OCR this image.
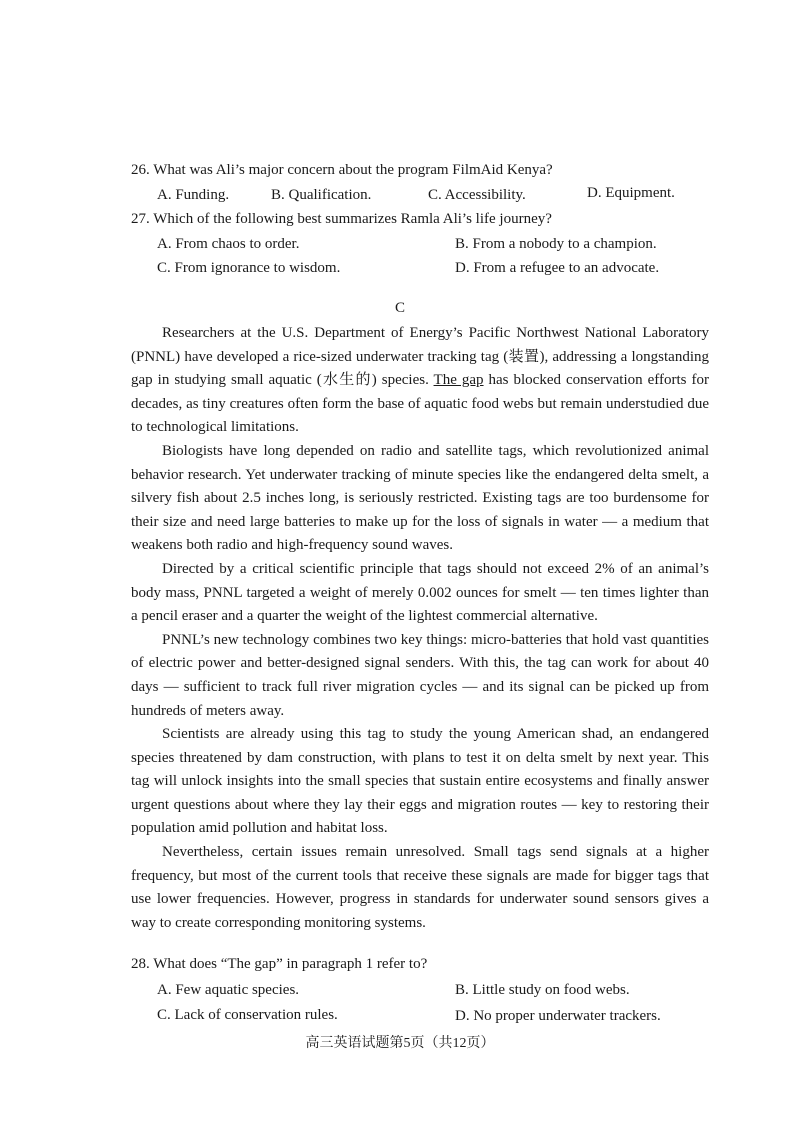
26. What was Ali’s major concern about the program FilmAid Kenya?
A. Funding.	B. Qualification.	C. Accessibility.	D. Equipment.
27. Which of the following best summarizes Ramla Ali’s life journey?
A. From chaos to order.	B. From a nobody to a champion.
C. From ignorance to wisdom.	D. From a refugee to an advocate.
C

Researchers at the U.S. Department of Energy’s Pacific Northwest National Laboratory (PNNL) have developed a rice-sized underwater tracking tag (装置), addressing a longstanding gap in studying small aquatic (水生的) species. The gap has blocked conservation efforts for decades, as tiny creatures often form the base of aquatic food webs but remain understudied due to technological limitations.

Biologists have long depended on radio and satellite tags, which revolutionized animal behavior research. Yet underwater tracking of minute species like the endangered delta smelt, a silvery fish about 2.5 inches long, is seriously restricted. Existing tags are too burdensome for their size and need large batteries to make up for the loss of signals in water — a medium that weakens both radio and high-frequency sound waves.

Directed by a critical scientific principle that tags should not exceed 2% of an animal’s body mass, PNNL targeted a weight of merely 0.002 ounces for smelt — ten times lighter than a pencil eraser and a quarter the weight of the lightest commercial alternative.

PNNL’s new technology combines two key things: micro-batteries that hold vast quantities of electric power and better-designed signal senders. With this, the tag can work for about 40 days — sufficient to track full river migration cycles — and its signal can be picked up from hundreds of meters away.

Scientists are already using this tag to study the young American shad, an endangered species threatened by dam construction, with plans to test it on delta smelt by next year. This tag will unlock insights into the small species that sustain entire ecosystems and finally answer urgent questions about where they lay their eggs and migration routes — key to restoring their population amid pollution and habitat loss.

Nevertheless, certain issues remain unresolved. Small tags send signals at a higher frequency, but most of the current tools that receive these signals are made for bigger tags that use lower frequencies. However, progress in standards for underwater sound sensors gives a way to create corresponding monitoring systems.

28. What does “The gap” in paragraph 1 refer to?
A. Few aquatic species.	B. Little study on food webs.
C. Lack of conservation rules.	D. No proper underwater trackers.
高三英语试题第5页（共12页）
